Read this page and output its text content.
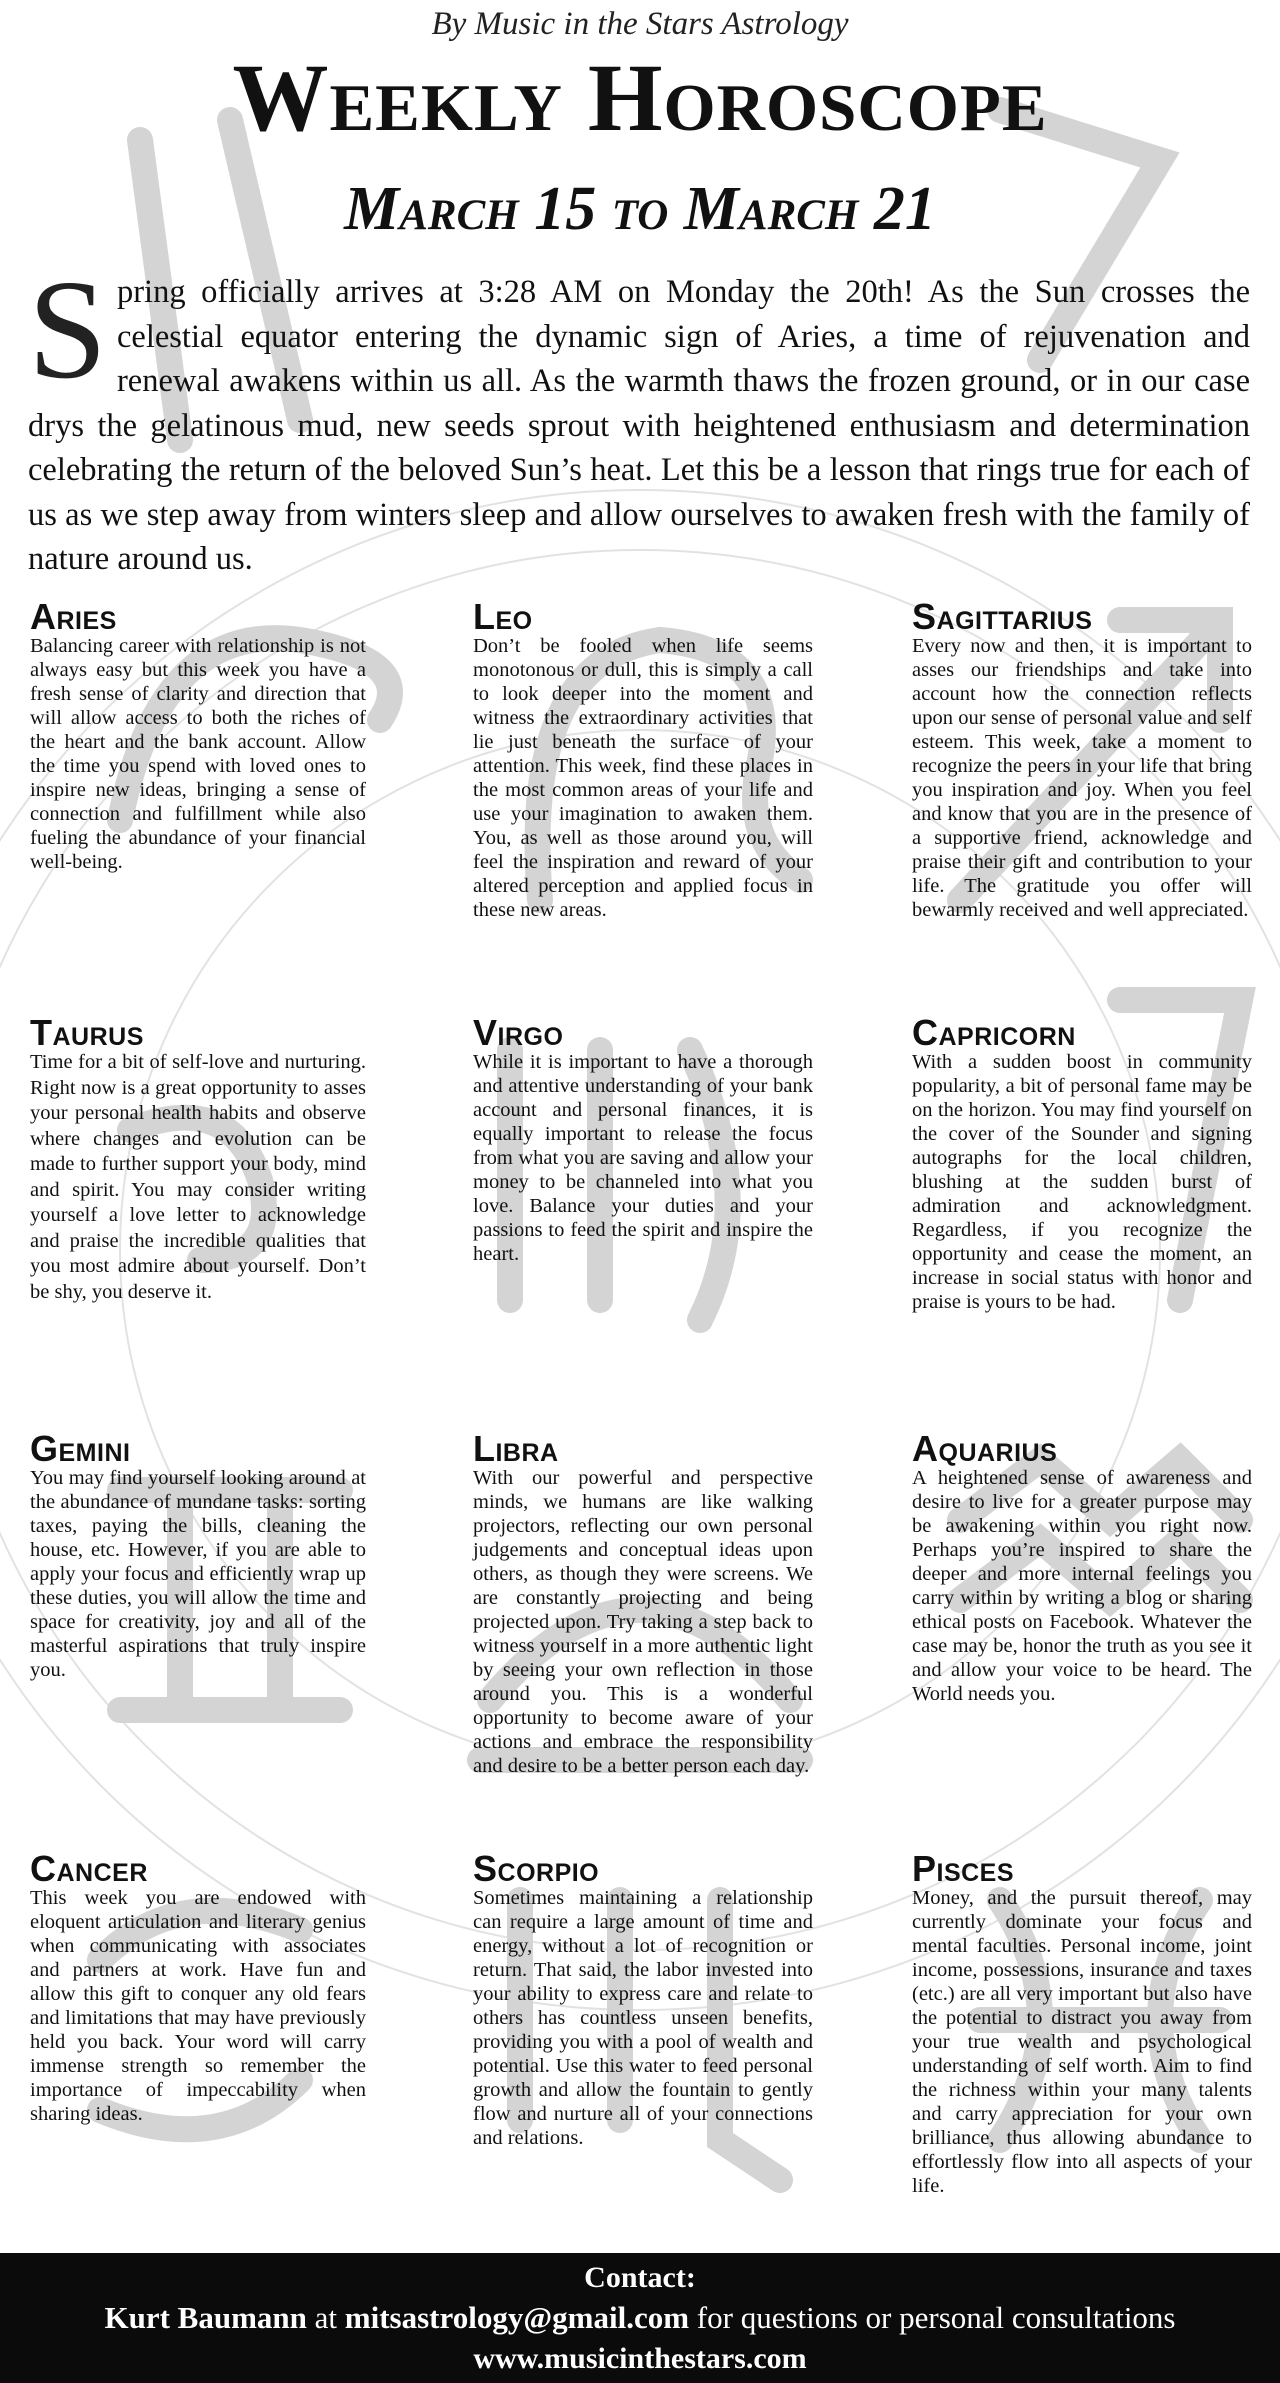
By Music in the Stars Astrology
Weekly Horoscope
March 15 to March 21
Spring officially arrives at 3:28 AM on Monday the 20th! As the Sun crosses the celestial equator entering the dynamic sign of Aries, a time of rejuvenation and renewal awakens within us all. As the warmth thaws the frozen ground, or in our case drys the gelatinous mud, new seeds sprout with heightened enthusiasm and determination celebrating the return of the beloved Sun’s heat. Let this be a lesson that rings true for each of us as we step away from winters sleep and allow ourselves to awaken fresh with the family of nature around us.
Aries

Balancing career with relationship is not always easy but this week you have a fresh sense of clarity and direction that will allow access to both the riches of the heart and the bank account. Allow the time you spend with loved ones to inspire new ideas, bringing a sense of connection and fulfillment while also fueling the abundance of your financial well-being.

Leo

Don’t be fooled when life seems monotonous or dull, this is simply a call to look deeper into the moment and witness the extraordinary activities that lie just beneath the surface of your attention. This week, find these places in the most common areas of your life and use your imagination to awaken them. You, as well as those around you, will feel the inspiration and reward of your altered perception and applied focus in these new areas.

Sagittarius

Every now and then, it is important to asses our friendships and take into account how the connection reflects upon our sense of personal value and self esteem. This week, take a moment to recognize the peers in your life that bring you inspiration and joy. When you feel and know that you are in the presence of a supportive friend, acknowledge and praise their gift and contribution to your life. The gratitude you offer will bewarmly received and well appreciated.

Taurus

Time for a bit of self-love and nurturing. Right now is a great opportunity to asses your personal health habits and observe where changes and evolution can be made to further support your body, mind and spirit. You may consider writing yourself a love letter to acknowledge and praise the incredible qualities that you most admire about yourself. Don’t be shy, you deserve it.

Virgo

While it is important to have a thorough and attentive understanding of your bank account and personal finances, it is equally important to release the focus from what you are saving and allow your money to be channeled into what you love. Balance your duties and your passions to feed the spirit and inspire the heart.

Capricorn

With a sudden boost in community popularity, a bit of personal fame may be on the horizon. You may find yourself on the cover of the Sounder and signing autographs for the local children, blushing at the sudden burst of admiration and acknowledgment. Regardless, if you recognize the opportunity and cease the moment, an increase in social status with honor and praise is yours to be had.

Gemini

You may find yourself looking around at the abundance of mundane tasks: sorting taxes, paying the bills, cleaning the house, etc. However, if you are able to apply your focus and efficiently wrap up these duties, you will allow the time and space for creativity, joy and all of the masterful aspirations that truly inspire you.

Libra

With our powerful and perspective minds, we humans are like walking projectors, reflecting our own personal judgements and conceptual ideas upon others, as though they were screens. We are constantly projecting and being projected upon. Try taking a step back to witness yourself in a more authentic light by seeing your own reflection in those around you. This is a wonderful opportunity to become aware of your actions and embrace the responsibility and desire to be a better person each day.

Aquarius

A heightened sense of awareness and desire to live for a greater purpose may be awakening within you right now. Perhaps you’re inspired to share the deeper and more internal feelings you carry within by writing a blog or sharing ethical posts on Facebook. Whatever the case may be, honor the truth as you see it and allow your voice to be heard. The World needs you.

Cancer

This week you are endowed with eloquent articulation and literary genius when communicating with associates and partners at work. Have fun and allow this gift to conquer any old fears and limitations that may have previously held you back. Your word will carry immense strength so remember the importance of impeccability when sharing ideas.

Scorpio

Sometimes maintaining a relationship can require a large amount of time and energy, without a lot of recognition or return. That said, the labor invested into your ability to express care and relate to others has countless unseen benefits, providing you with a pool of wealth and potential. Use this water to feed personal growth and allow the fountain to gently flow and nurture all of your connections and relations.

Pisces

Money, and the pursuit thereof, may currently dominate your focus and mental faculties. Personal income, joint income, possessions, insurance and taxes (etc.) are all very important but also have the potential to distract you away from your true wealth and psychological understanding of self worth. Aim to find the richness within your many talents and carry appreciation for your own brilliance, thus allowing abundance to effortlessly flow into all aspects of your life.

Contact:
Kurt Baumann at mitsastrology@gmail.com for questions or personal consultations
www.musicinthestars.com
